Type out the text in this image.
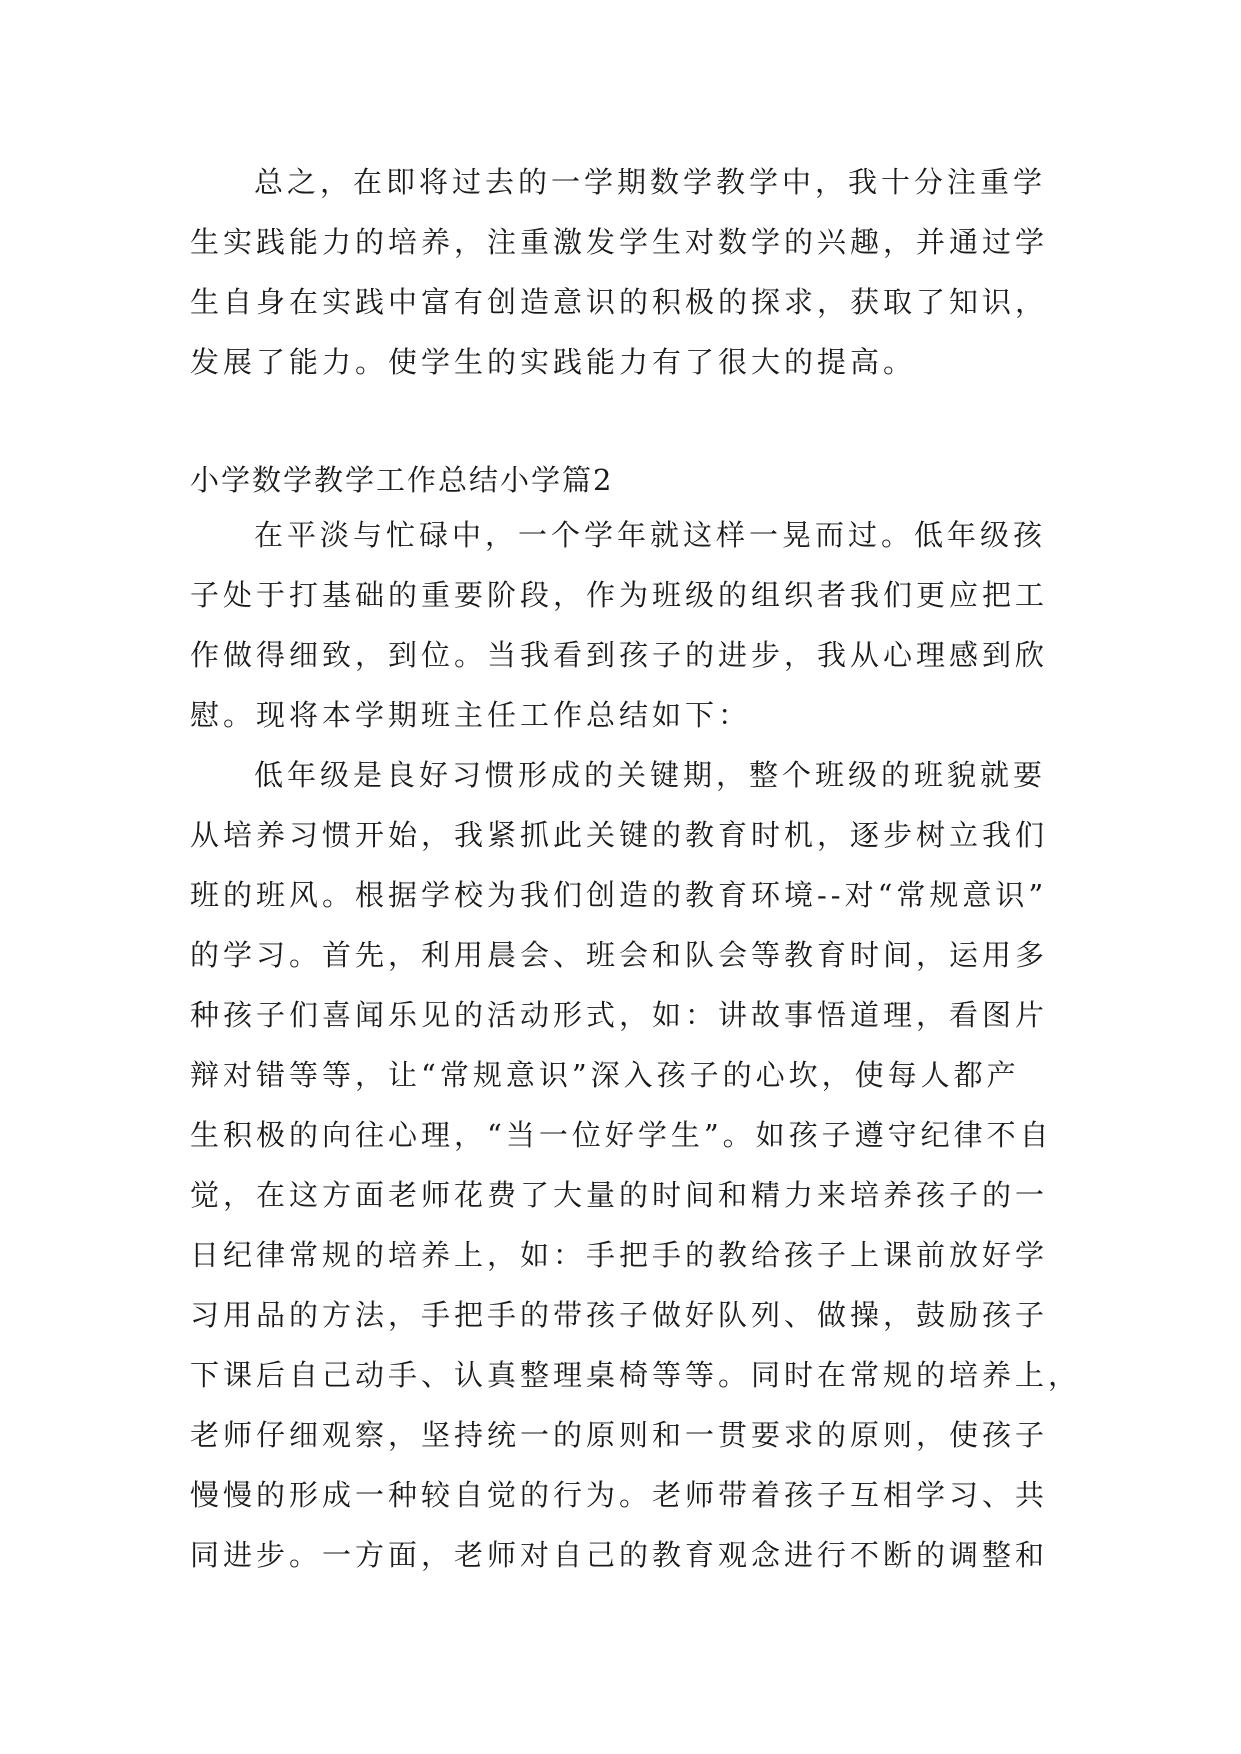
总之，在即将过去的一学期数学教学中，我十分注重学
生实践能力的培养，注重激发学生对数学的兴趣，并通过学
生自身在实践中富有创造意识的积极的探求，获取了知识，
发展了能力。使学生的实践能力有了很大的提高。
小学数学教学工作总结小学篇2
在平淡与忙碌中，一个学年就这样一晃而过。低年级孩
子处于打基础的重要阶段，作为班级的组织者我们更应把工
作做得细致，到位。当我看到孩子的进步，我从心理感到欣
慰。现将本学期班主任工作总结如下：
低年级是良好习惯形成的关键期，整个班级的班貌就要
从培养习惯开始，我紧抓此关键的教育时机，逐步树立我们
班的班风。根据学校为我们创造的教育环境--对“常规意识”
的学习。首先，利用晨会、班会和队会等教育时间，运用多
种孩子们喜闻乐见的活动形式，如：讲故事悟道理，看图片
辩对错等等，让“常规意识”深入孩子的心坎，使每人都产
生积极的向往心理，“当一位好学生”。如孩子遵守纪律不自
觉，在这方面老师花费了大量的时间和精力来培养孩子的一
日纪律常规的培养上，如：手把手的教给孩子上课前放好学
习用品的方法，手把手的带孩子做好队列、做操，鼓励孩子
下课后自己动手、认真整理桌椅等等。同时在常规的培养上，
老师仔细观察，坚持统一的原则和一贯要求的原则，使孩子
慢慢的形成一种较自觉的行为。老师带着孩子互相学习、共
同进步。一方面，老师对自己的教育观念进行不断的调整和
